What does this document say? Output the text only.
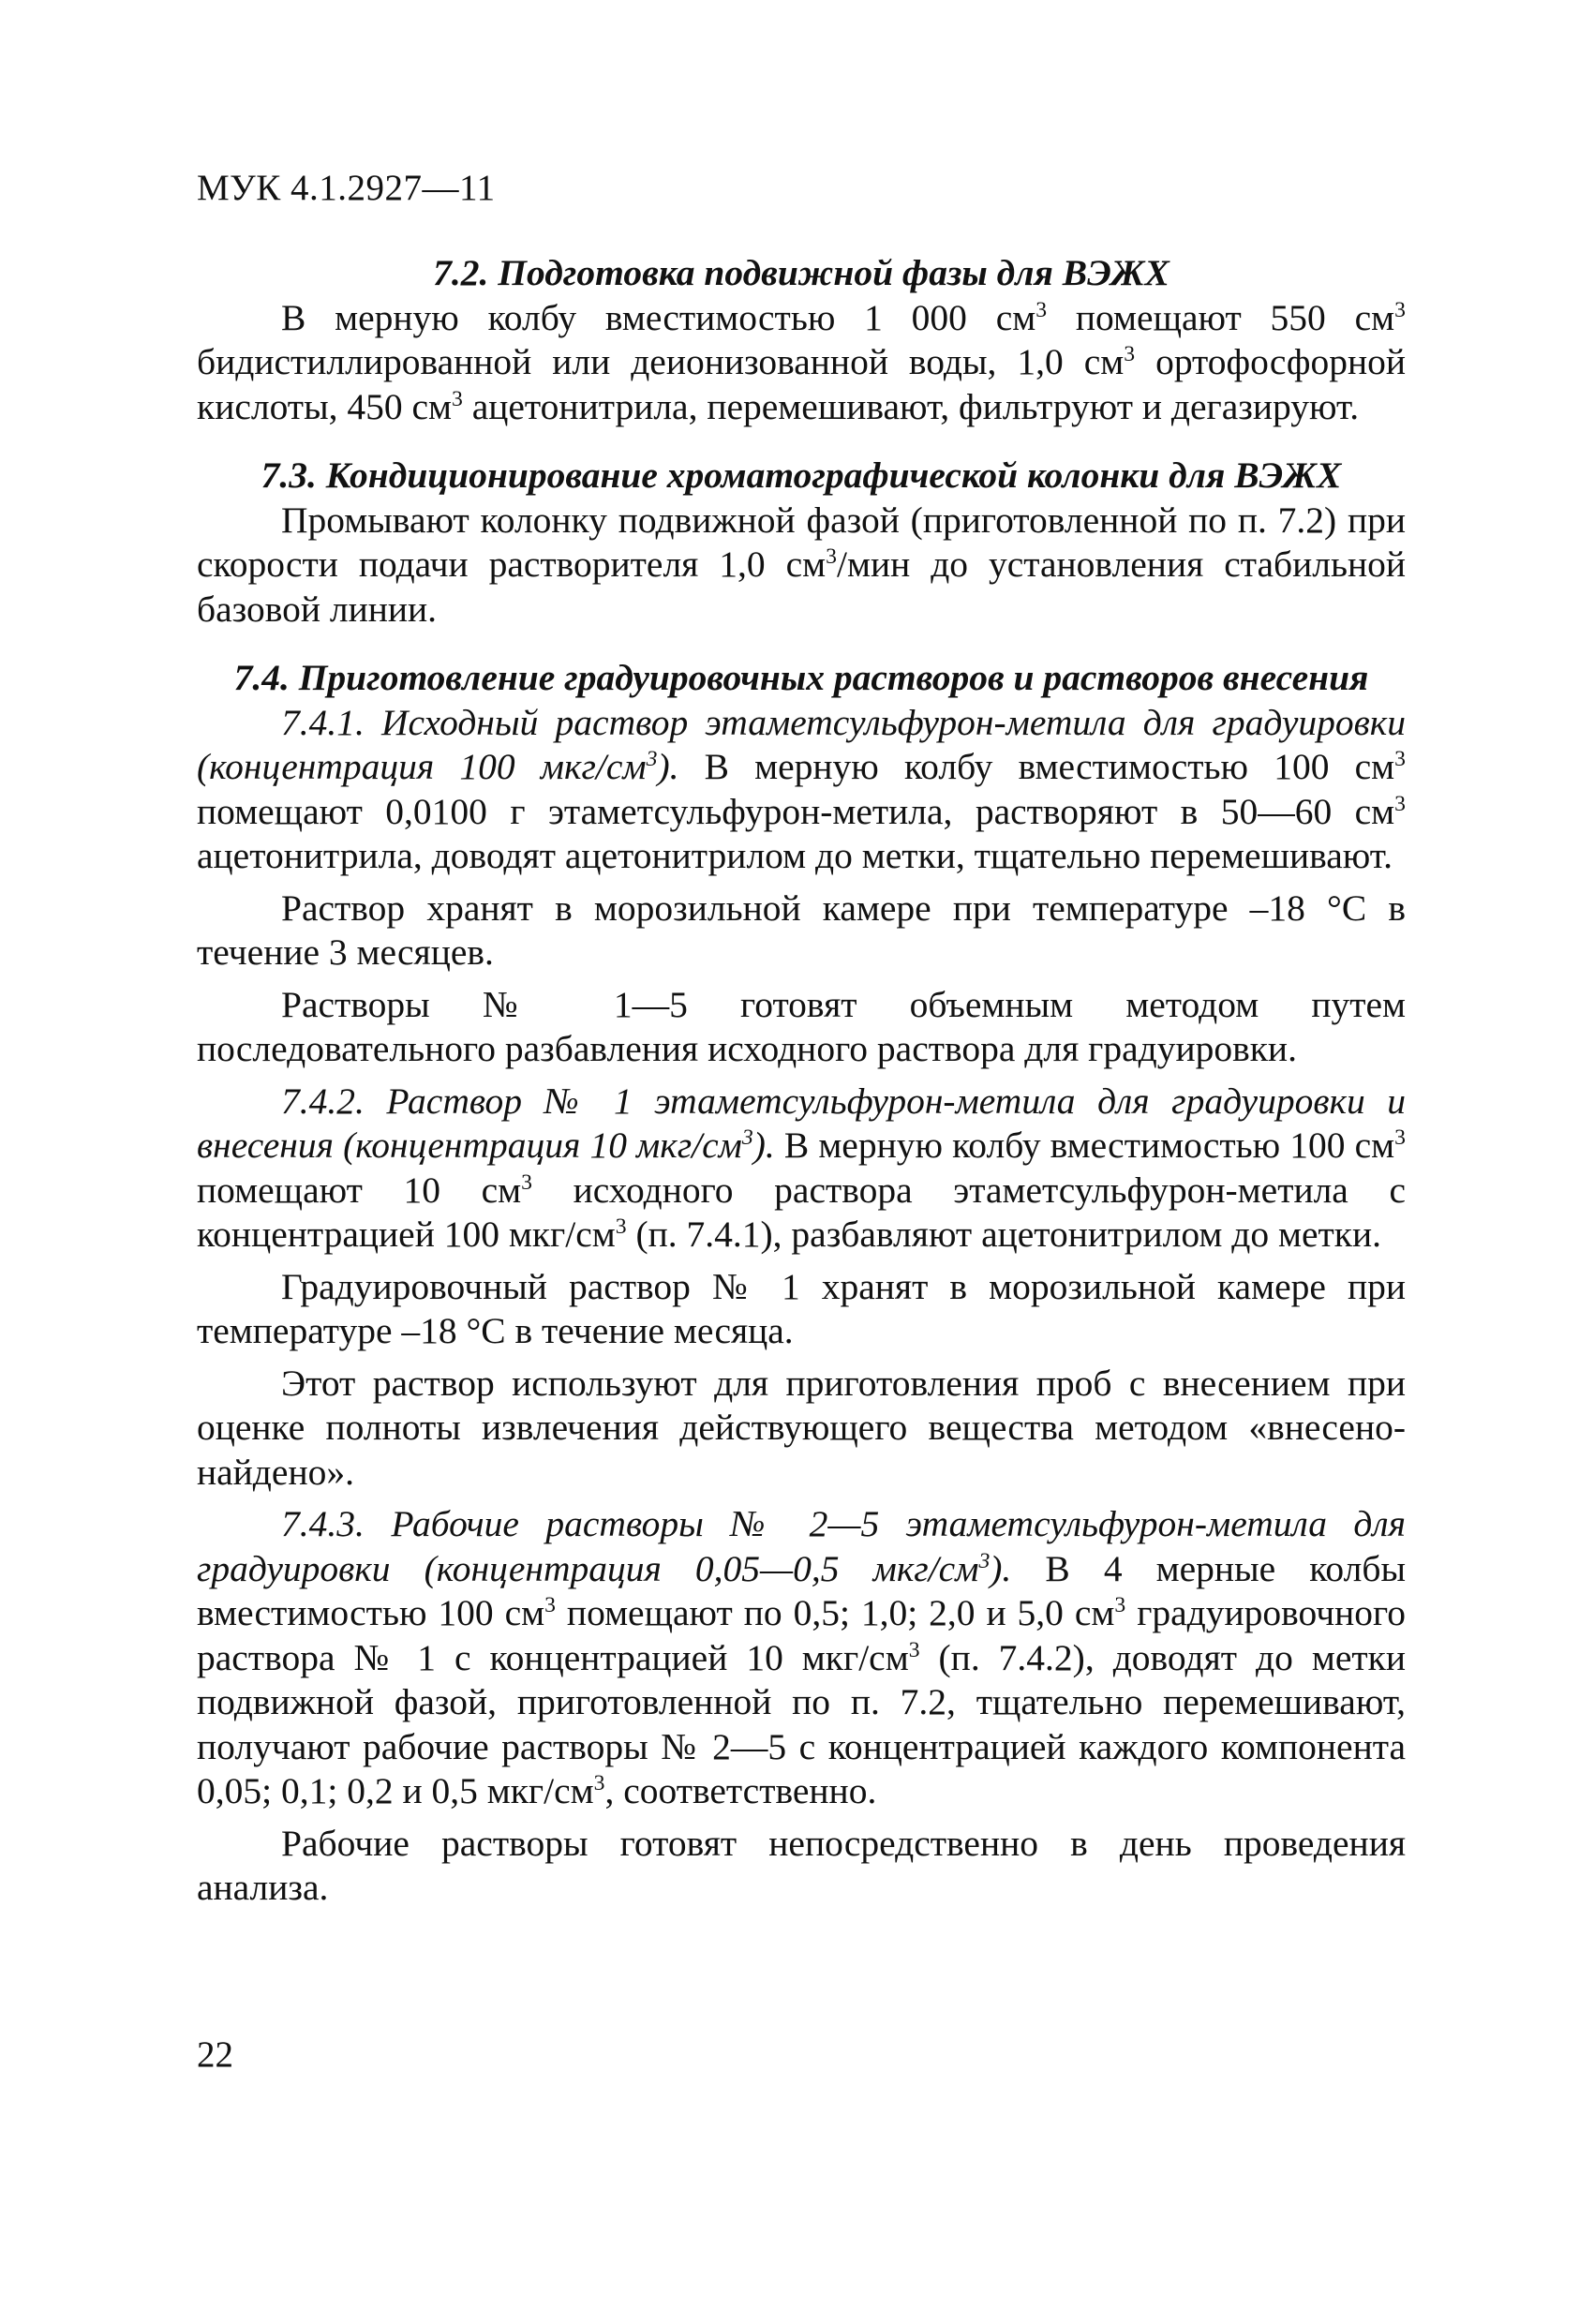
МУК 4.1.2927—11
7.2. Подготовка подвижной фазы для ВЭЖХ

В мерную колбу вместимостью 1 000 $см^3$ помещают 550 $см^3$ бидистиллированной или деионизованной воды, 1,0 $см^3$ ортофосфорной кислоты, 450 $см^3$ ацетонитрила, перемешивают, фильтруют и дегазируют.

7.3. Кондиционирование хроматографической колонки для ВЭЖХ

Промывают колонку подвижной фазой (приготовленной по п. 7.2) при скорости подачи растворителя 1,0 $см^3$/мин до установления стабильной базовой линии.

7.4. Приготовление градуировочных растворов и растворов внесения

7.4.1. Исходный раствор этаметсульфурон-метила для градуировки (концентрация 100 мкг/$см^3$). В мерную колбу вместимостью 100 $см^3$ помещают 0,0100 г этаметсульфурон-метила, растворяют в 50—60 $см^3$ ацетонитрила, доводят ацетонитрилом до метки, тщательно перемешивают.

Раствор хранят в морозильной камере при температуре –18 °С в течение 3 месяцев.

Растворы № 1—5 готовят объемным методом путем последовательного разбавления исходного раствора для градуировки.

7.4.2. Раствор № 1 этаметсульфурон-метила для градуировки и внесения (концентрация 10 мкг/$см^3$). В мерную колбу вместимостью 100 $см^3$ помещают 10 $см^3$ исходного раствора этаметсульфурон-метила с концентрацией 100 мкг/$см^3$ (п. 7.4.1), разбавляют ацетонитрилом до метки.

Градуировочный раствор № 1 хранят в морозильной камере при температуре –18 °С в течение месяца.

Этот раствор используют для приготовления проб с внесением при оценке полноты извлечения действующего вещества методом «внесено-найдено».

7.4.3. Рабочие растворы № 2—5 этаметсульфурон-метила для градуировки (концентрация 0,05—0,5 мкг/$см^3$). В 4 мерные колбы вместимостью 100 $см^3$ помещают по 0,5; 1,0; 2,0 и 5,0 $см^3$ градуировочного раствора № 1 с концентрацией 10 мкг/$см^3$ (п. 7.4.2), доводят до метки подвижной фазой, приготовленной по п. 7.2, тщательно перемешивают, получают рабочие растворы № 2—5 с концентрацией каждого компонента 0,05; 0,1; 0,2 и 0,5 мкг/$см^3$, соответственно.

Рабочие растворы готовят непосредственно в день проведения анализа.

22
